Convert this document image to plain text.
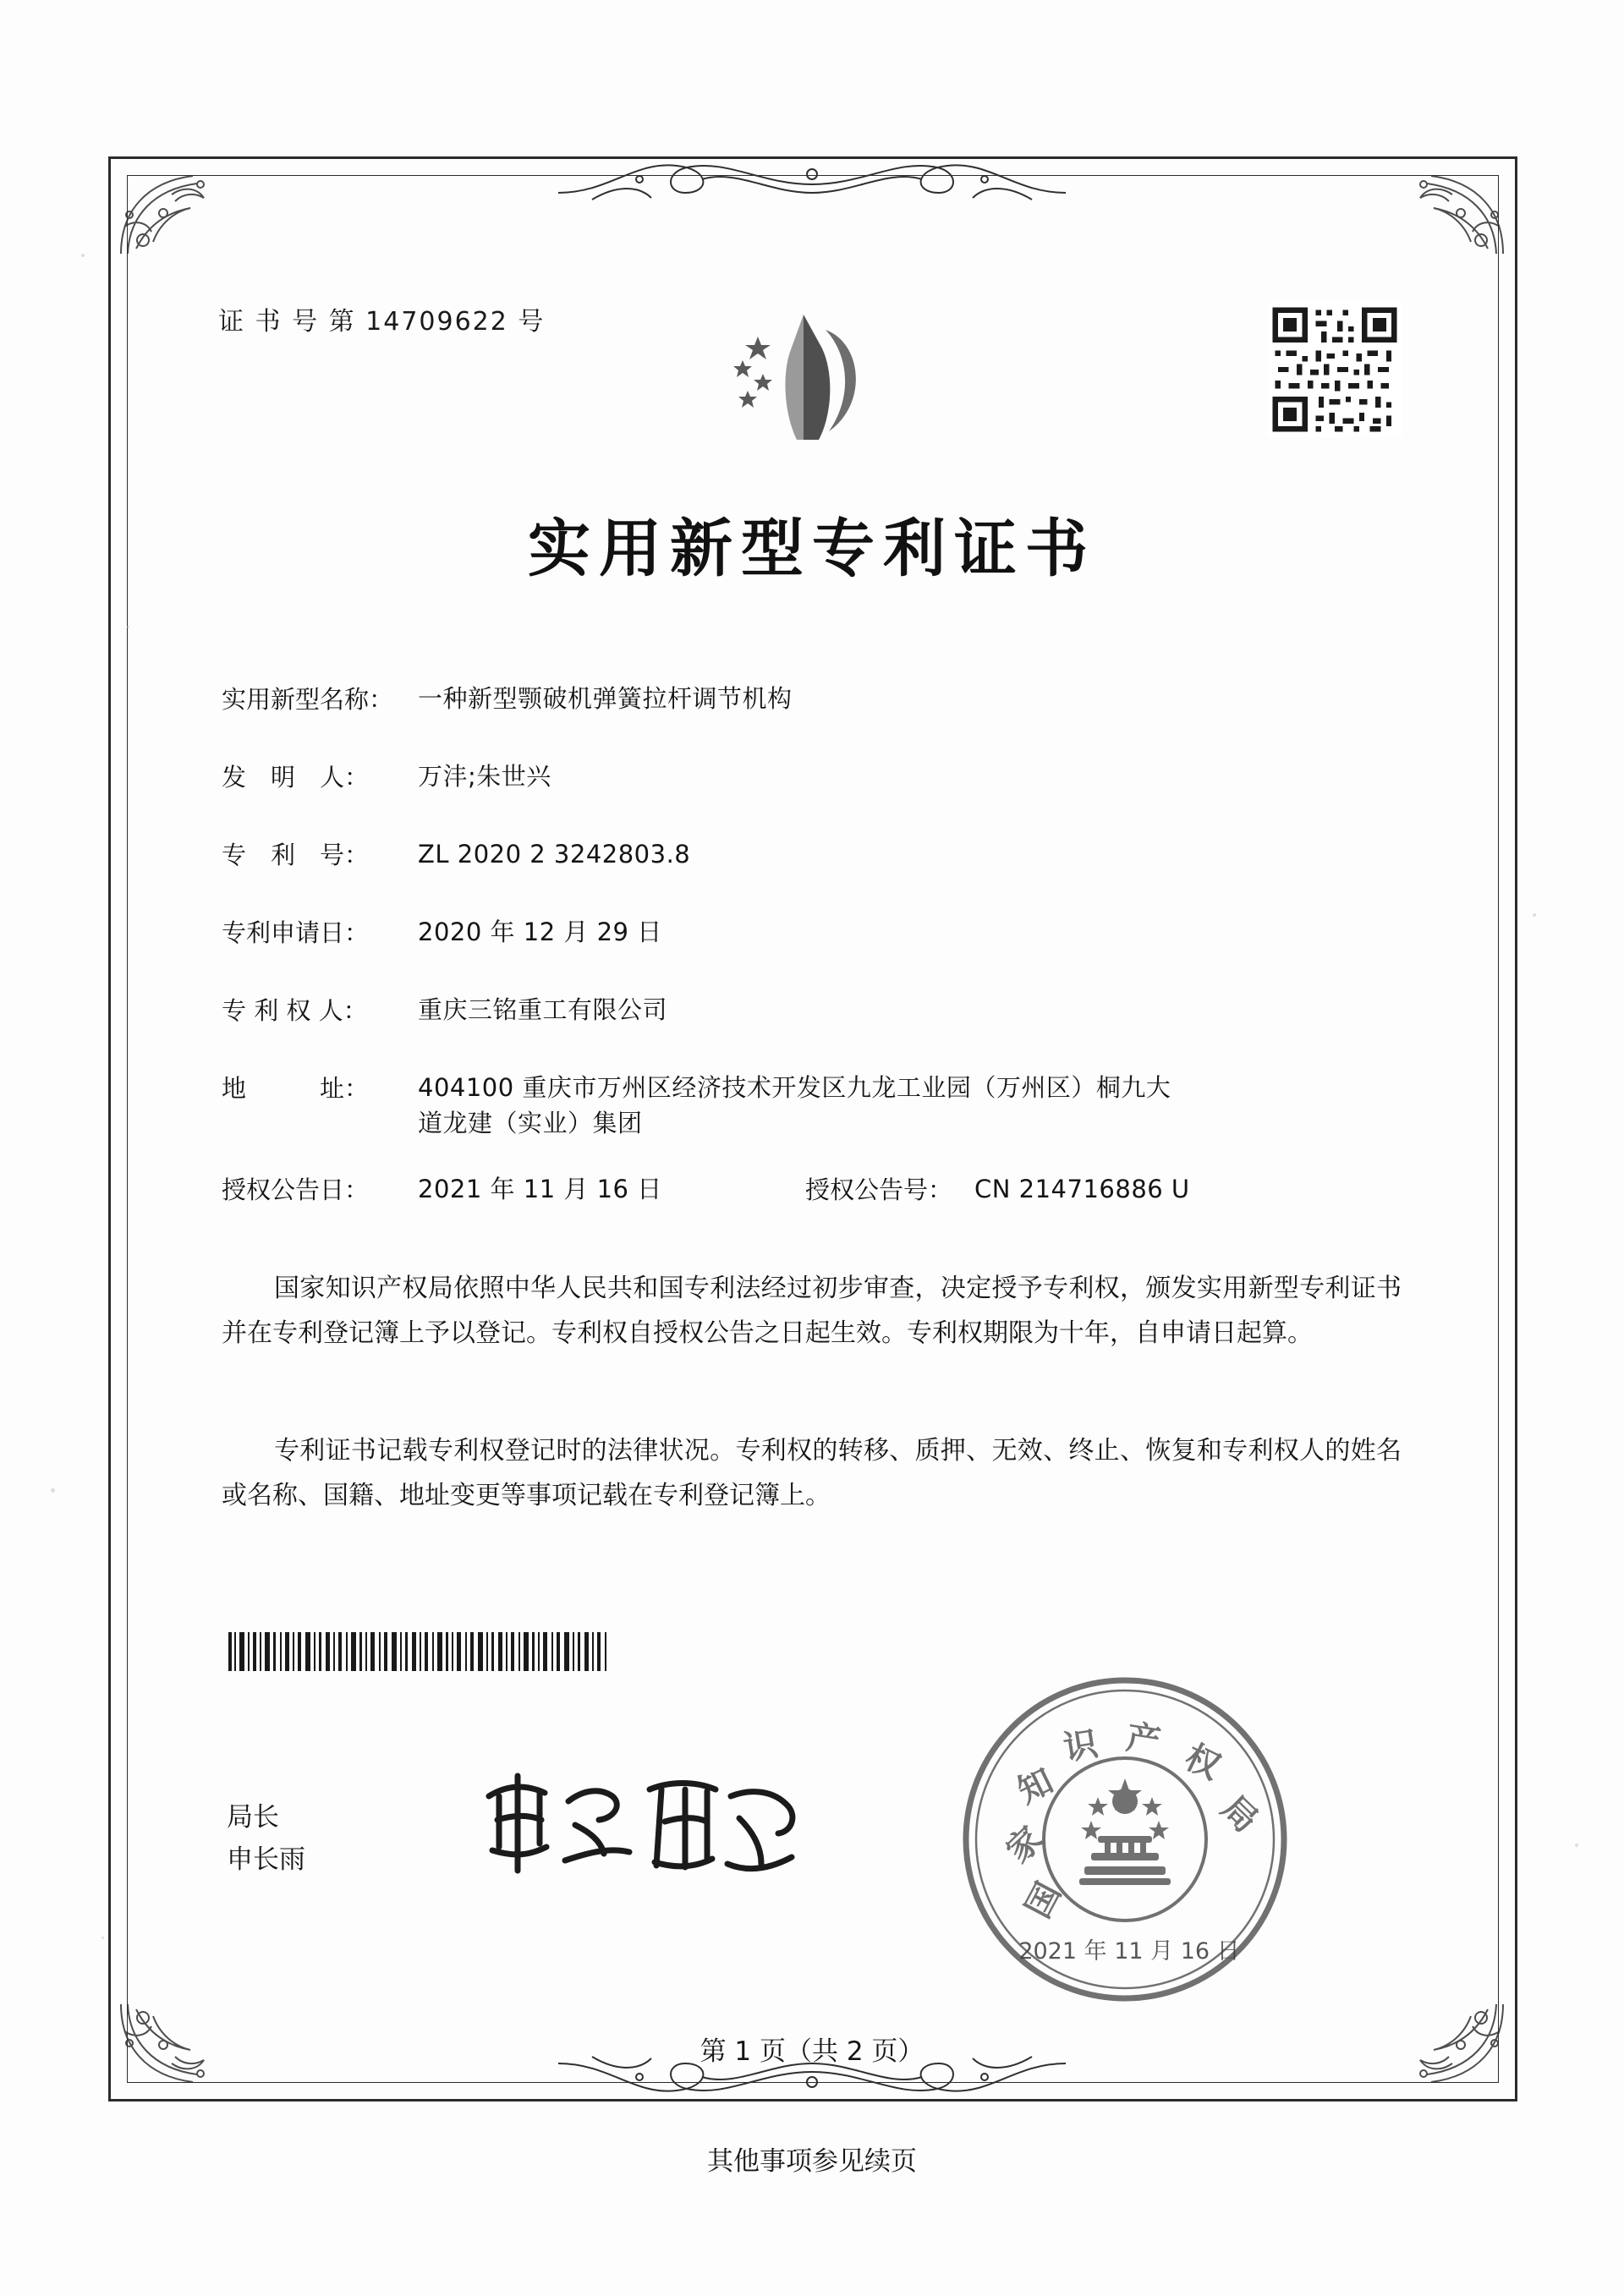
证 书 号 第 14709622 号
实用新型专利证书
实用新型名称： 一种新型颚破机弹簧拉杆调节机构
发　明　人：	万沣;朱世兴
专　利　号：	ZL 2020 2 3242803.8
专利申请日：	2020 年 12 月 29 日
专 利 权 人：	重庆三铭重工有限公司
地　　　址：	404100 重庆市万州区经济技术开发区九龙工业园（万州区）桐九大道龙建（实业）集团
授权公告日：	2021 年 11 月 16 日	授权公告号： CN 214716886 U
国家知识产权局依照中华人民共和国专利法经过初步审查，决定授予专利权，颁发实用新型专利证书并在专利登记簿上予以登记。专利权自授权公告之日起生效。专利权期限为十年，自申请日起算。
专利证书记载专利权登记时的法律状况。专利权的转移、质押、无效、终止、恢复和专利权人的姓名或名称、国籍、地址变更等事项记载在专利登记簿上。
局长
申长雨
国
家
知
识 产 权
局
2021 年 11 月 16 日
第 1 页（共 2 页）
其他事项参见续页
